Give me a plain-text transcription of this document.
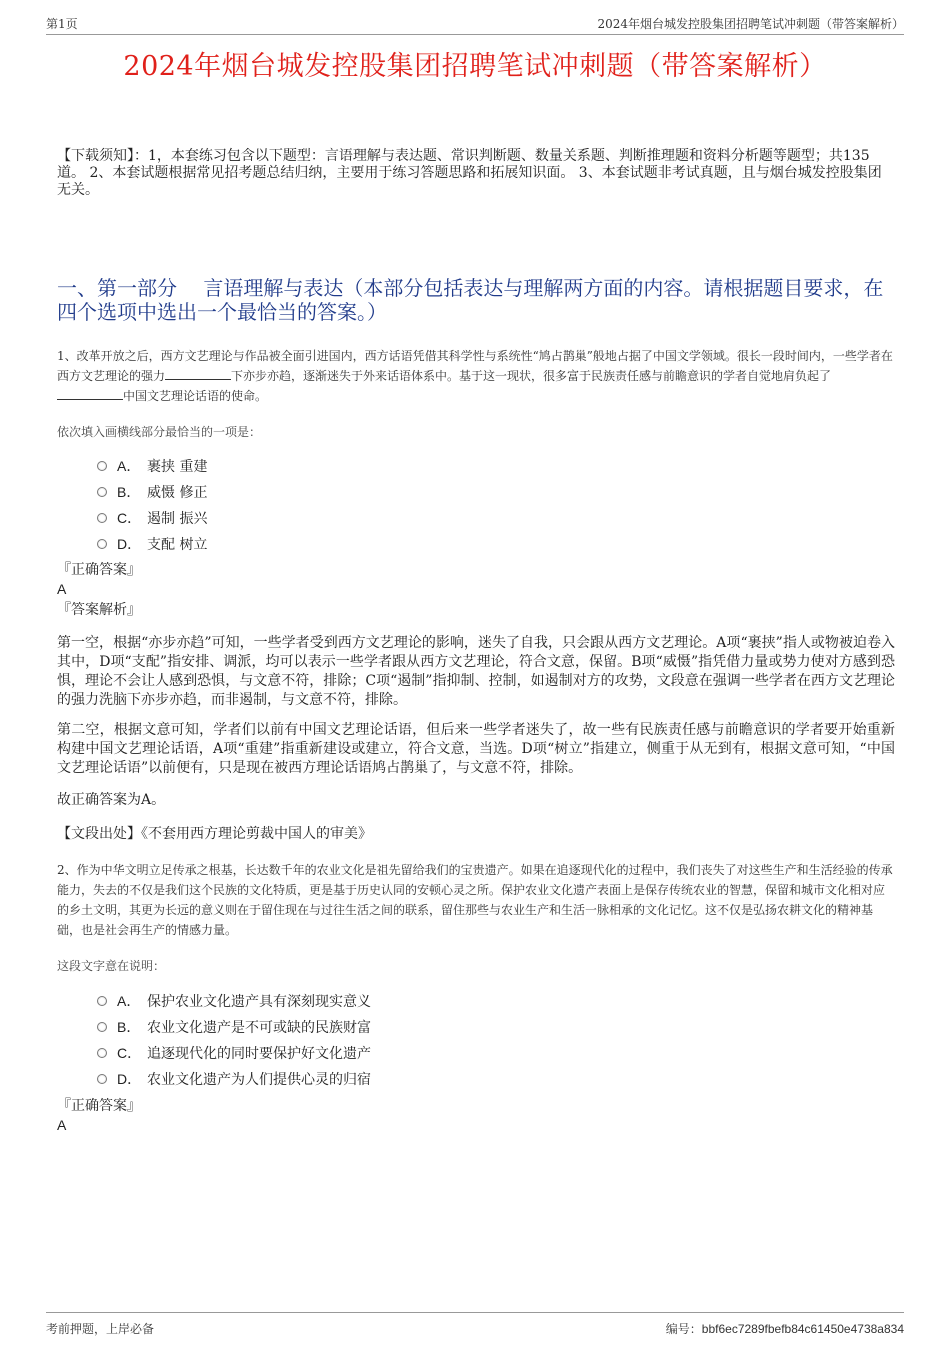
第1页	2024年烟台城发控股集团招聘笔试冲刺题（带答案解析）
2024年烟台城发控股集团招聘笔试冲刺题（带答案解析）

【下载须知】：1，本套练习包含以下题型：言语理解与表达题、常识判断题、数量关系题、判断推理题和资料分析题等题型；共135道。 2、本套试题根据常见招考题总结归纳，主要用于练习答题思路和拓展知识面。 3、本套试题非考试真题，且与烟台城发控股集团无关。

一、第一部分　 言语理解与表达（本部分包括表达与理解两方面的内容。请根据题目要求，在四个选项中选出一个最恰当的答案。）

1、改革开放之后，西方文艺理论与作品被全面引进国内，西方话语凭借其科学性与系统性“鸠占鹊巢”般地占据了中国文学领域。很长一段时间内，一些学者在西方文艺理论的强力	下亦步亦趋，逐渐迷失于外来话语体系中。基于这一现状，很多富于民族责任感与前瞻意识的学者自觉地肩负起了中国文艺理论话语的使命。

依次填入画横线部分最恰当的一项是：

A． 裹挟 重建
B． 威慑 修正
C． 遏制 振兴
D． 支配 树立

『正确答案』

A

『答案解析』

第一空，根据“亦步亦趋”可知，一些学者受到西方文艺理论的影响，迷失了自我，只会跟从西方文艺理论。A项“裹挟”指人或物被迫卷入其中，D项“支配”指安排、调派，均可以表示一些学者跟从西方文艺理论，符合文意，保留。B项“威慑”指凭借力量或势力使对方感到恐惧，理论不会让人感到恐惧，与文意不符，排除；C项“遏制”指抑制、控制，如遏制对方的攻势，文段意在强调一些学者在西方文艺理论的强力洗脑下亦步亦趋，而非遏制，与文意不符，排除。

第二空，根据文意可知，学者们以前有中国文艺理论话语，但后来一些学者迷失了，故一些有民族责任感与前瞻意识的学者要开始重新构建中国文艺理论话语，A项“重建”指重新建设或建立，符合文意，当选。D项“树立”指建立，侧重于从无到有，根据文意可知，“中国文艺理论话语”以前便有，只是现在被西方理论话语鸠占鹊巢了，与文意不符，排除。

故正确答案为A。

【文段出处】《不套用西方理论剪裁中国人的审美》

2、作为中华文明立足传承之根基，长达数千年的农业文化是祖先留给我们的宝贵遗产。如果在追逐现代化的过程中，我们丧失了对这些生产和生活经验的传承能力，失去的不仅是我们这个民族的文化特质，更是基于历史认同的安顿心灵之所。保护农业文化遗产表面上是保存传统农业的智慧，保留和城市文化相对应的乡土文明，其更为长远的意义则在于留住现在与过往生活之间的联系，留住那些与农业生产和生活一脉相承的文化记忆。这不仅是弘扬农耕文化的精神基础，也是社会再生产的情感力量。

这段文字意在说明：

A． 保护农业文化遗产具有深刻现实意义
B． 农业文化遗产是不可或缺的民族财富
C． 追逐现代化的同时要保护好文化遗产
D． 农业文化遗产为人们提供心灵的归宿

『正确答案』

A

考前押题，上岸必备	编号：bbf6ec7289fbefb84c61450e4738a834
